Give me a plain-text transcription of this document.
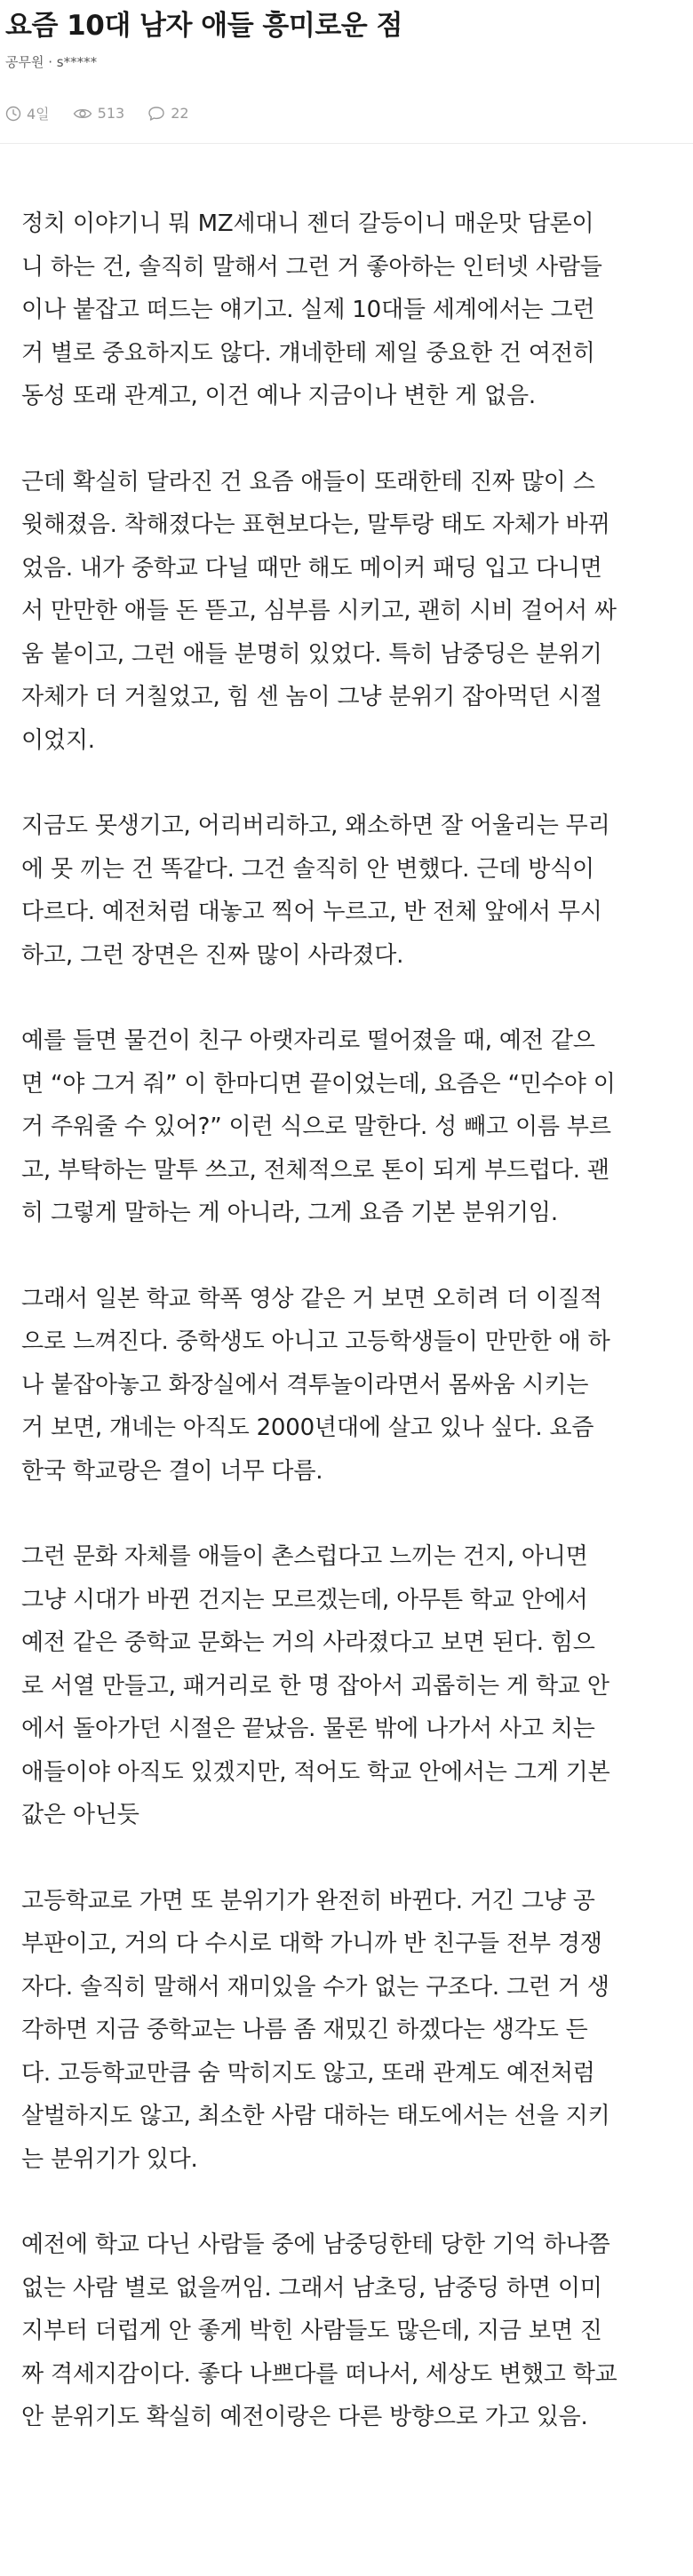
요즘 10대 남자 애들 흥미로운 점
공무원 · s*****
4일	513	22

정치 이야기니 뭐 MZ세대니 젠더 갈등이니 매운맛 담론이
니 하는 건, 솔직히 말해서 그런 거 좋아하는 인터넷 사람들
이나 붙잡고 떠드는 얘기고. 실제 10대들 세계에서는 그런
거 별로 중요하지도 않다. 걔네한테 제일 중요한 건 여전히
동성 또래 관계고, 이건 예나 지금이나 변한 게 없음.

근데 확실히 달라진 건 요즘 애들이 또래한테 진짜 많이 스
윗해졌음. 착해졌다는 표현보다는, 말투랑 태도 자체가 바뀌
었음. 내가 중학교 다닐 때만 해도 메이커 패딩 입고 다니면
서 만만한 애들 돈 뜯고, 심부름 시키고, 괜히 시비 걸어서 싸
움 붙이고, 그런 애들 분명히 있었다. 특히 남중딩은 분위기
자체가 더 거칠었고, 힘 센 놈이 그냥 분위기 잡아먹던 시절
이었지.

지금도 못생기고, 어리버리하고, 왜소하면 잘 어울리는 무리
에 못 끼는 건 똑같다. 그건 솔직히 안 변했다. 근데 방식이
다르다. 예전처럼 대놓고 찍어 누르고, 반 전체 앞에서 무시
하고, 그런 장면은 진짜 많이 사라졌다.

예를 들면 물건이 친구 아랫자리로 떨어졌을 때, 예전 같으
면 “야 그거 줘” 이 한마디면 끝이었는데, 요즘은 “민수야 이
거 주워줄 수 있어?” 이런 식으로 말한다. 성 빼고 이름 부르
고, 부탁하는 말투 쓰고, 전체적으로 톤이 되게 부드럽다. 괜
히 그렇게 말하는 게 아니라, 그게 요즘 기본 분위기임.

그래서 일본 학교 학폭 영상 같은 거 보면 오히려 더 이질적
으로 느껴진다. 중학생도 아니고 고등학생들이 만만한 애 하
나 붙잡아놓고 화장실에서 격투놀이라면서 몸싸움 시키는
거 보면, 걔네는 아직도 2000년대에 살고 있나 싶다. 요즘
한국 학교랑은 결이 너무 다름.

그런 문화 자체를 애들이 촌스럽다고 느끼는 건지, 아니면
그냥 시대가 바뀐 건지는 모르겠는데, 아무튼 학교 안에서
예전 같은 중학교 문화는 거의 사라졌다고 보면 된다. 힘으
로 서열 만들고, 패거리로 한 명 잡아서 괴롭히는 게 학교 안
에서 돌아가던 시절은 끝났음. 물론 밖에 나가서 사고 치는
애들이야 아직도 있겠지만, 적어도 학교 안에서는 그게 기본
값은 아닌듯

고등학교로 가면 또 분위기가 완전히 바뀐다. 거긴 그냥 공
부판이고, 거의 다 수시로 대학 가니까 반 친구들 전부 경쟁
자다. 솔직히 말해서 재미있을 수가 없는 구조다. 그런 거 생
각하면 지금 중학교는 나름 좀 재밌긴 하겠다는 생각도 든
다. 고등학교만큼 숨 막히지도 않고, 또래 관계도 예전처럼
살벌하지도 않고, 최소한 사람 대하는 태도에서는 선을 지키
는 분위기가 있다.

예전에 학교 다닌 사람들 중에 남중딩한테 당한 기억 하나쯤
없는 사람 별로 없을꺼임. 그래서 남초딩, 남중딩 하면 이미
지부터 더럽게 안 좋게 박힌 사람들도 많은데, 지금 보면 진
짜 격세지감이다. 좋다 나쁘다를 떠나서, 세상도 변했고 학교
안 분위기도 확실히 예전이랑은 다른 방향으로 가고 있음.
